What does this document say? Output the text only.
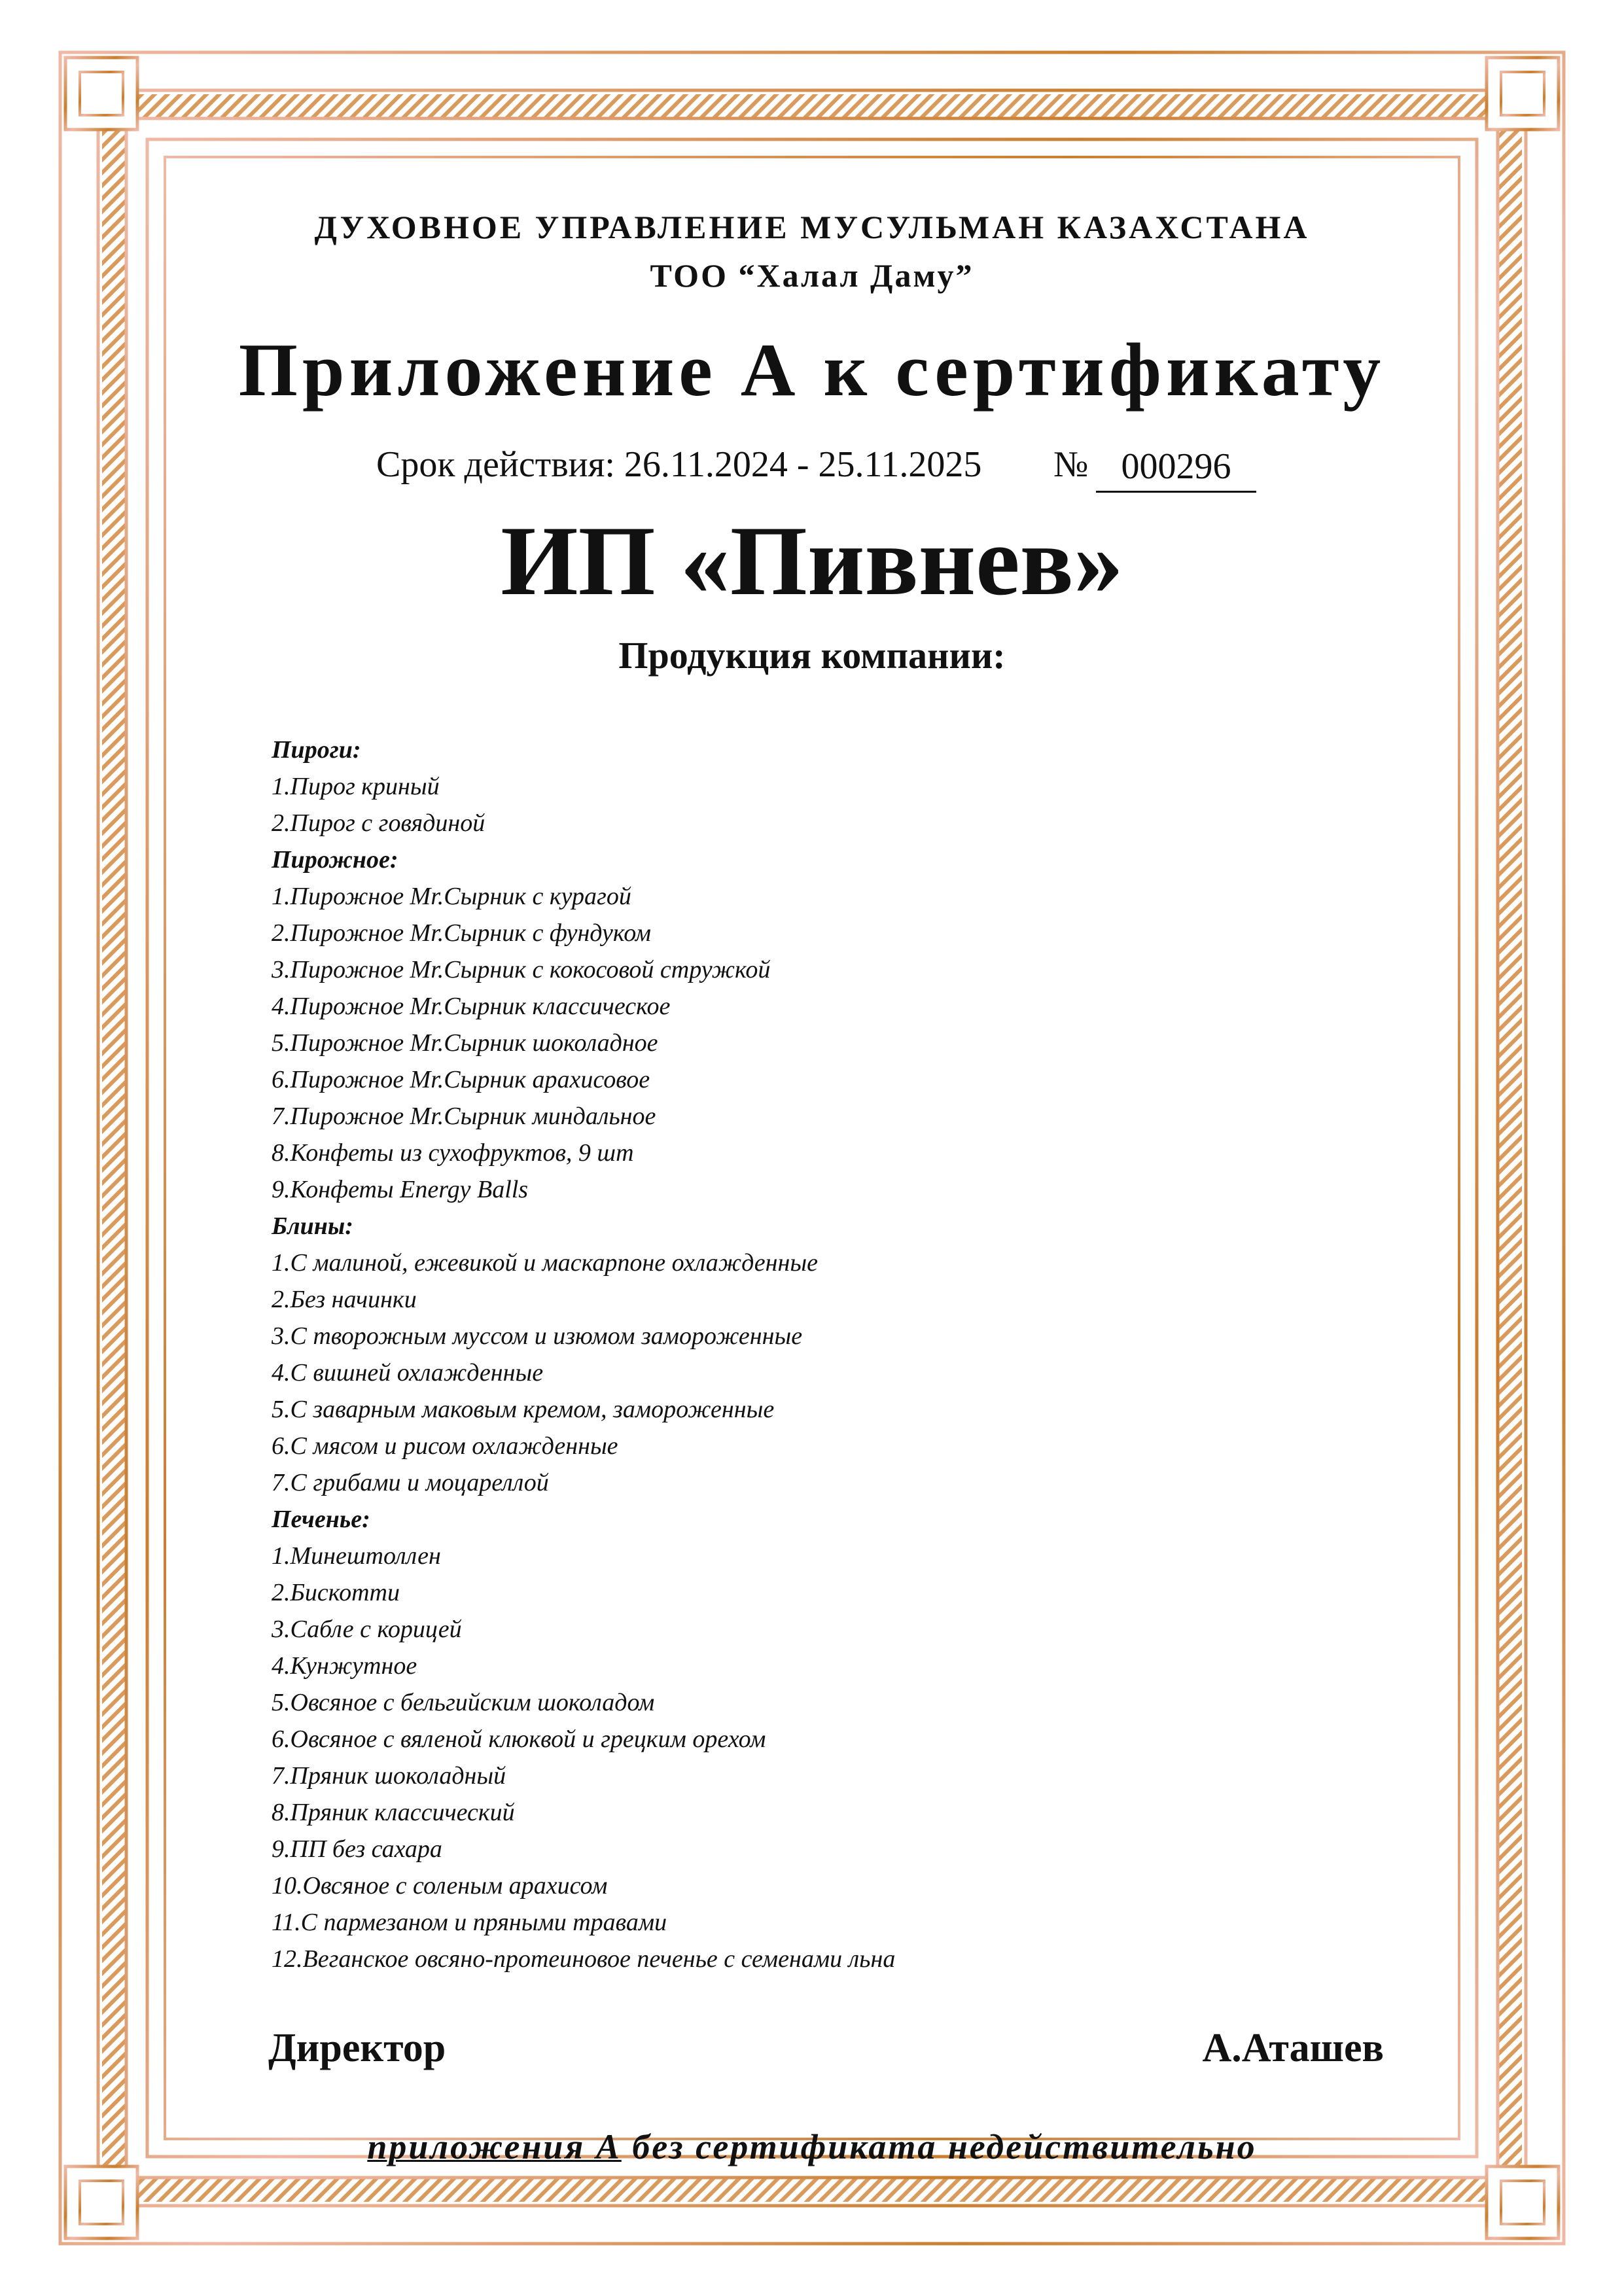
ДУХОВНОЕ УПРАВЛЕНИЕ МУСУЛЬМАН КАЗАХСТАНА
ТОО “Халал Даму”
Приложение А к сертификату
Срок действия: 26.11.2024 - 25.11.2025 № 000296
ИП «Пивнев»
Продукция компании:
Пироги:
1.Пирог криный
2.Пирог с говядиной
Пирожное:
1.Пирожное Mr.Сырник с курагой
2.Пирожное Mr.Сырник с фундуком
3.Пирожное Mr.Сырник с кокосовой стружкой
4.Пирожное Mr.Сырник классическое
5.Пирожное Mr.Сырник шоколадное
6.Пирожное Mr.Сырник арахисовое
7.Пирожное Mr.Сырник миндальное
8.Конфеты из сухофруктов, 9 шт
9.Конфеты Energy Balls
Блины:
1.С малиной, ежевикой и маскарпоне охлажденные
2.Без начинки
3.С творожным муссом и изюмом замороженные
4.С вишней охлажденные
5.С заварным маковым кремом, замороженные
6.С мясом и рисом охлажденные
7.С грибами и моцареллой
Печенье:
1.Минештоллен
2.Бискотти
3.Сабле с корицей
4.Кунжутное
5.Овсяное с бельгийским шоколадом
6.Овсяное с вяленой клюквой и грецким орехом
7.Пряник шоколадный
8.Пряник классический
9.ПП без сахара
10.Овсяное с соленым арахисом
11.С пармезаном и пряными травами
12.Веганское овсяно-протеиновое печенье с семенами льна
Директор	А.Аташев
приложения А без сертификата недействительно
